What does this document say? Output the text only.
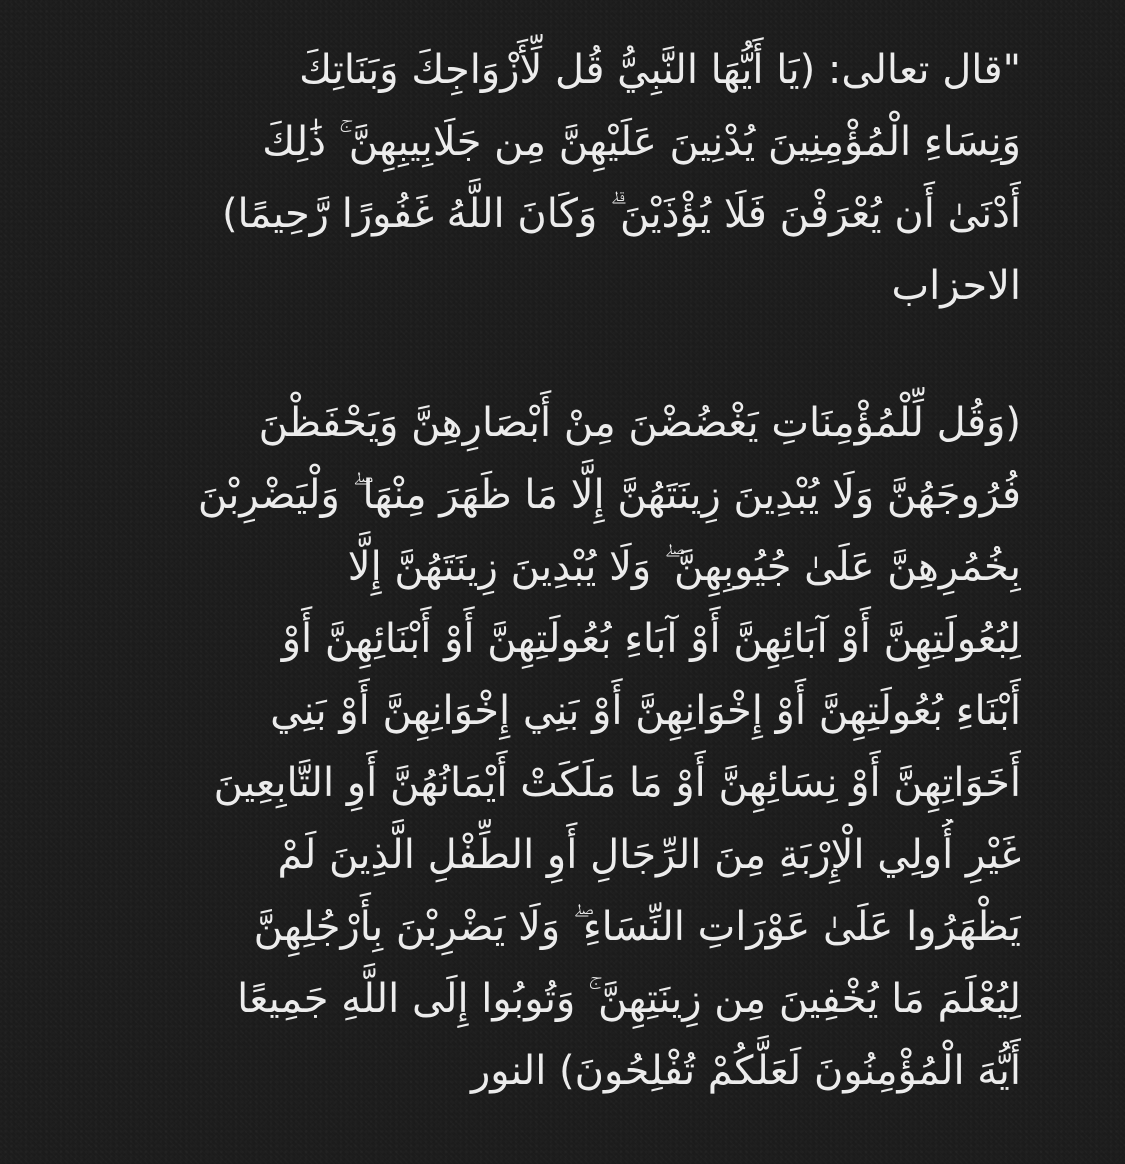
"قال تعالى: (يَا أَيُّهَا النَّبِيُّ قُل لِّأَزْوَاجِكَ وَبَنَاتِكَ
وَنِسَاءِ الْمُؤْمِنِينَ يُدْنِينَ عَلَيْهِنَّ مِن جَلَابِيبِهِنَّ ۚ ذَٰلِكَ
أَدْنَىٰ أَن يُعْرَفْنَ فَلَا يُؤْذَيْنَ ۗ وَكَانَ اللَّهُ غَفُورًا رَّحِيمًا)
الاحزاب
(وَقُل لِّلْمُؤْمِنَاتِ يَغْضُضْنَ مِنْ أَبْصَارِهِنَّ وَيَحْفَظْنَ
فُرُوجَهُنَّ وَلَا يُبْدِينَ زِينَتَهُنَّ إِلَّا مَا ظَهَرَ مِنْهَا ۖ وَلْيَضْرِبْنَ
بِخُمُرِهِنَّ عَلَىٰ جُيُوبِهِنَّ ۖ وَلَا يُبْدِينَ زِينَتَهُنَّ إِلَّا
لِبُعُولَتِهِنَّ أَوْ آبَائِهِنَّ أَوْ آبَاءِ بُعُولَتِهِنَّ أَوْ أَبْنَائِهِنَّ أَوْ
أَبْنَاءِ بُعُولَتِهِنَّ أَوْ إِخْوَانِهِنَّ أَوْ بَنِي إِخْوَانِهِنَّ أَوْ بَنِي
أَخَوَاتِهِنَّ أَوْ نِسَائِهِنَّ أَوْ مَا مَلَكَتْ أَيْمَانُهُنَّ أَوِ التَّابِعِينَ
غَيْرِ أُولِي الْإِرْبَةِ مِنَ الرِّجَالِ أَوِ الطِّفْلِ الَّذِينَ لَمْ
يَظْهَرُوا عَلَىٰ عَوْرَاتِ النِّسَاءِ ۖ وَلَا يَضْرِبْنَ بِأَرْجُلِهِنَّ
لِيُعْلَمَ مَا يُخْفِينَ مِن زِينَتِهِنَّ ۚ وَتُوبُوا إِلَى اللَّهِ جَمِيعًا
أَيُّهَ الْمُؤْمِنُونَ لَعَلَّكُمْ تُفْلِحُونَ) النور
